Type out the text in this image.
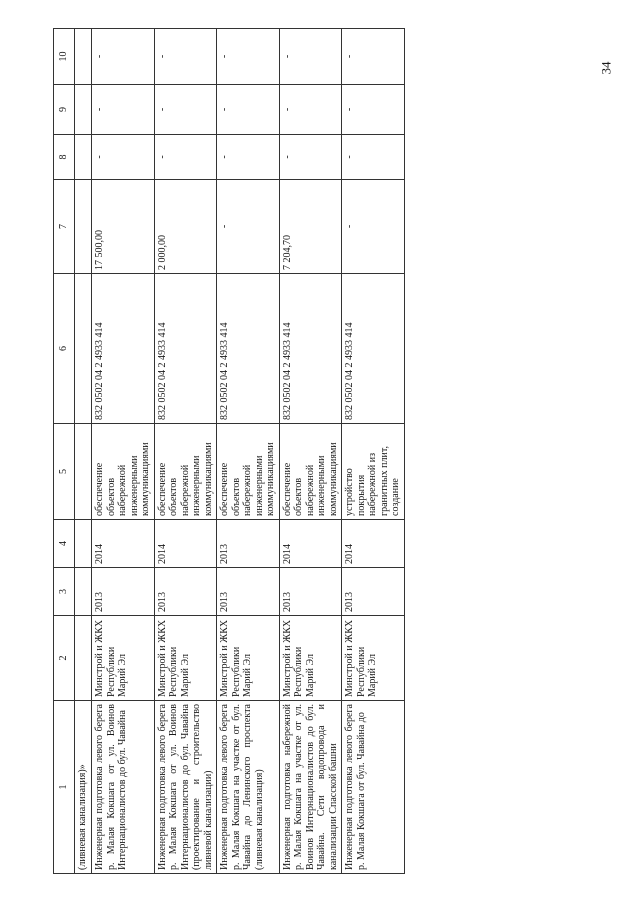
34
1	2	3	4	5	6	7	8	9	10
(ливневая канализация)»									
Инженерная подготовка левого берега р. Малая Кокшага от ул. Воинов Интернационалистов до бул. Чавайна	Минстрой и ЖКХ Республики Марий Эл	2013	2014	обеспечение объектов набережной инженерными коммуникациями	832 0502 04 2 4933 414	17 500,00	-	-	-
Инженерная подготовка левого берега р. Малая Кокшага от ул. Воинов Интернационалистов до бул. Чавайна (проектирование и строительство ливневой канализации)	Минстрой и ЖКХ Республики Марий Эл	2013	2014	обеспечение объектов набережной инженерными коммуникациями	832 0502 04 2 4933 414	2 000,00	-	-	-
Инженерная подготовка левого берега р. Малая Кокшага на участке от бул. Чавайна до Ленинского проспекта (ливневая канализация)	Минстрой и ЖКХ Республики Марий Эл	2013	2013	обеспечение объектов набережной инженерными коммуникациями	832 0502 04 2 4933 414	-	-	-	-
Инженерная подготовка набережной р. Малая Кокшага на участке от ул. Воинов Интернационалистов до бул. Чавайна. Сети водопровода и канализации Спасской башни	Минстрой и ЖКХ Республики Марий Эл	2013	2014	обеспечение объектов набережной инженерными коммуникациями	832 0502 04 2 4933 414	7 204,70	-	-	-
Инженерная подготовка левого берега р. Малая Кокшага от бул. Чавайна до	Минстрой и ЖКХ Республики Марий Эл	2013	2014	устройство покрытия набережной из гранитных плит, создание	832 0502 04 2 4933 414	-	-	-	-
